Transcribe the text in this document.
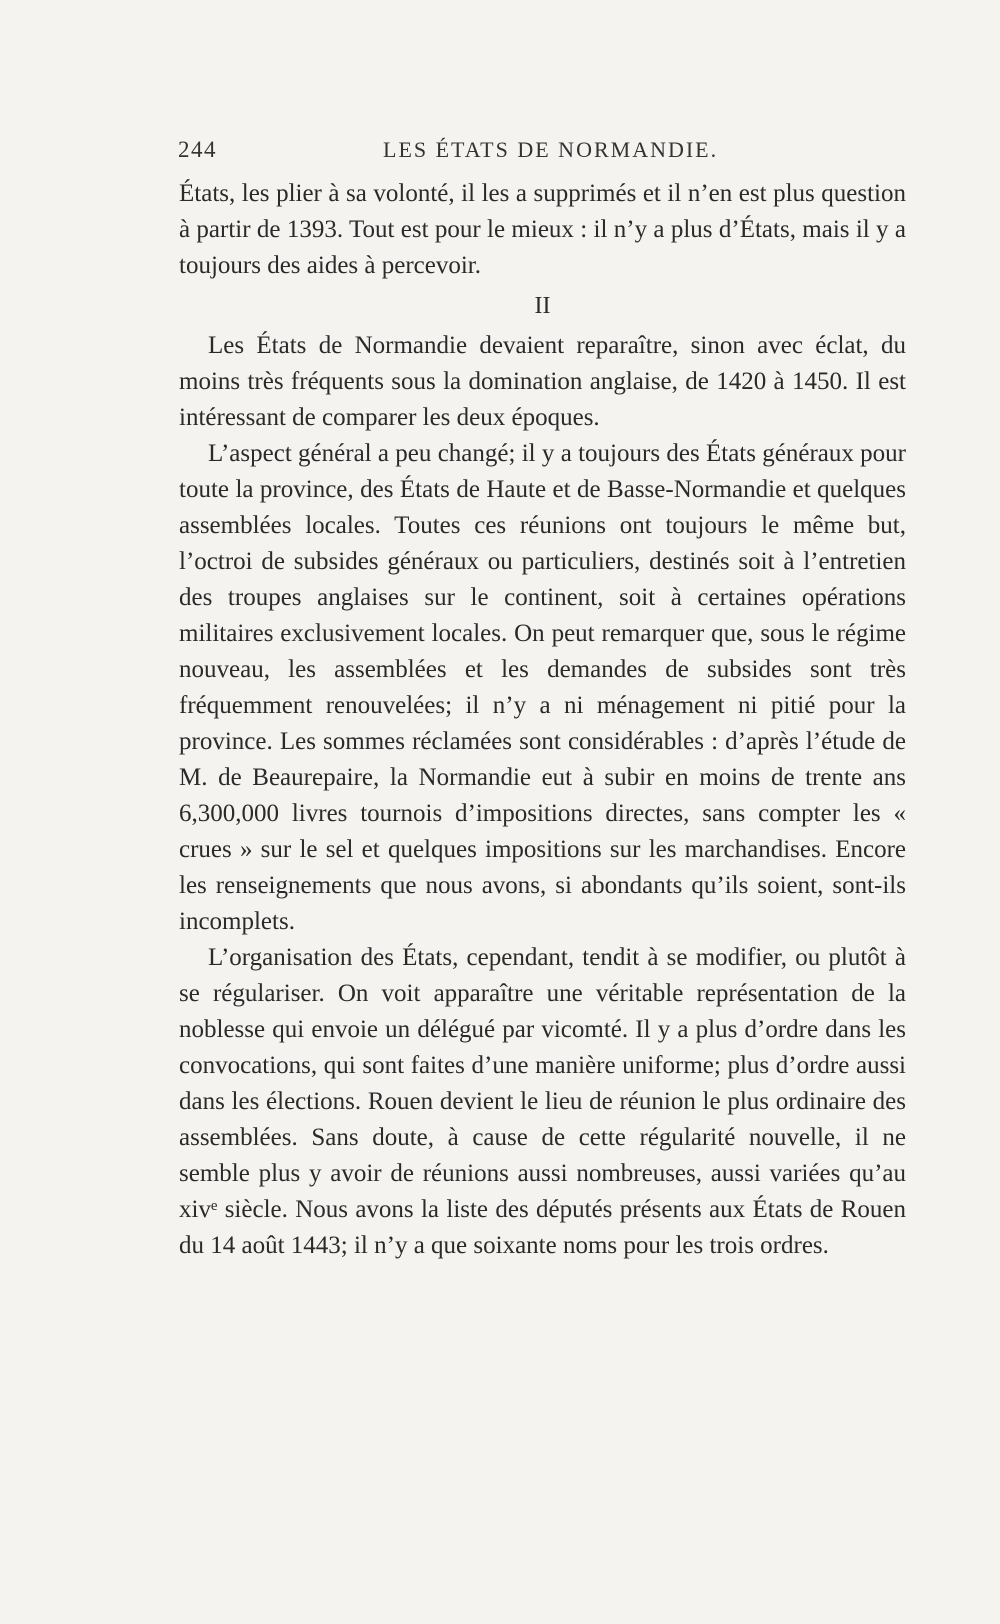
244	LES ÉTATS DE NORMANDIE.

États, les plier à sa volonté, il les a supprimés et il n’en est plus question à partir de 1393. Tout est pour le mieux : il n’y a plus d’États, mais il y a toujours des aides à percevoir.

II

Les États de Normandie devaient reparaître, sinon avec éclat, du moins très fréquents sous la domination anglaise, de 1420 à 1450. Il est intéressant de comparer les deux époques.

L’aspect général a peu changé; il y a toujours des États généraux pour toute la province, des États de Haute et de Basse-Normandie et quelques assemblées locales. Toutes ces réunions ont toujours le même but, l’octroi de subsides généraux ou particuliers, destinés soit à l’entretien des troupes anglaises sur le continent, soit à certaines opérations militaires exclusivement locales. On peut remarquer que, sous le régime nouveau, les assemblées et les demandes de subsides sont très fréquemment renouvelées; il n’y a ni ménagement ni pitié pour la province. Les sommes réclamées sont considérables : d’après l’étude de M. de Beaurepaire, la Normandie eut à subir en moins de trente ans 6,300,000 livres tournois d’impositions directes, sans compter les « crues » sur le sel et quelques impositions sur les marchandises. Encore les renseignements que nous avons, si abondants qu’ils soient, sont-ils incomplets.

L’organisation des États, cependant, tendit à se modifier, ou plutôt à se régulariser. On voit apparaître une véritable représentation de la noblesse qui envoie un délégué par vicomté. Il y a plus d’ordre dans les convocations, qui sont faites d’une manière uniforme; plus d’ordre aussi dans les élections. Rouen devient le lieu de réunion le plus ordinaire des assemblées. Sans doute, à cause de cette régularité nouvelle, il ne semble plus y avoir de réunions aussi nombreuses, aussi variées qu’au xivᵉ siècle. Nous avons la liste des députés présents aux États de Rouen du 14 août 1443; il n’y a que soixante noms pour les trois ordres.
